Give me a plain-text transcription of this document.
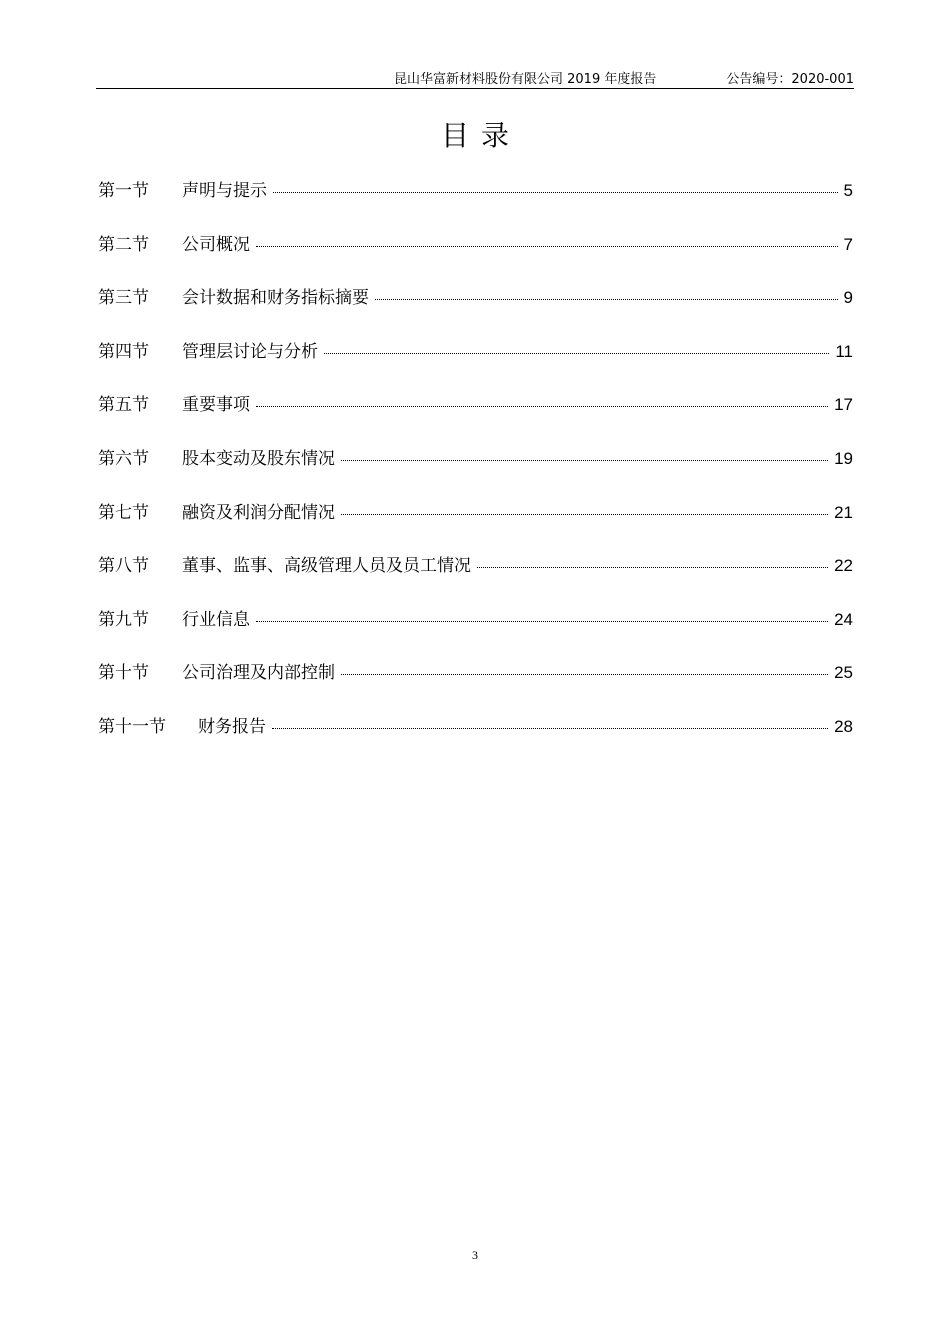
昆山华富新材料股份有限公司 2019 年度报告	公告编号：2020-001
目录
第一节	声明与提示	5
第二节	公司概况	7
第三节	会计数据和财务指标摘要	9
第四节	管理层讨论与分析	11
第五节	重要事项	17
第六节	股本变动及股东情况	19
第七节	融资及利润分配情况	21
第八节	董事、监事、高级管理人员及员工情况	22
第九节	行业信息	24
第十节	公司治理及内部控制	25
第十一节	财务报告	28
3
